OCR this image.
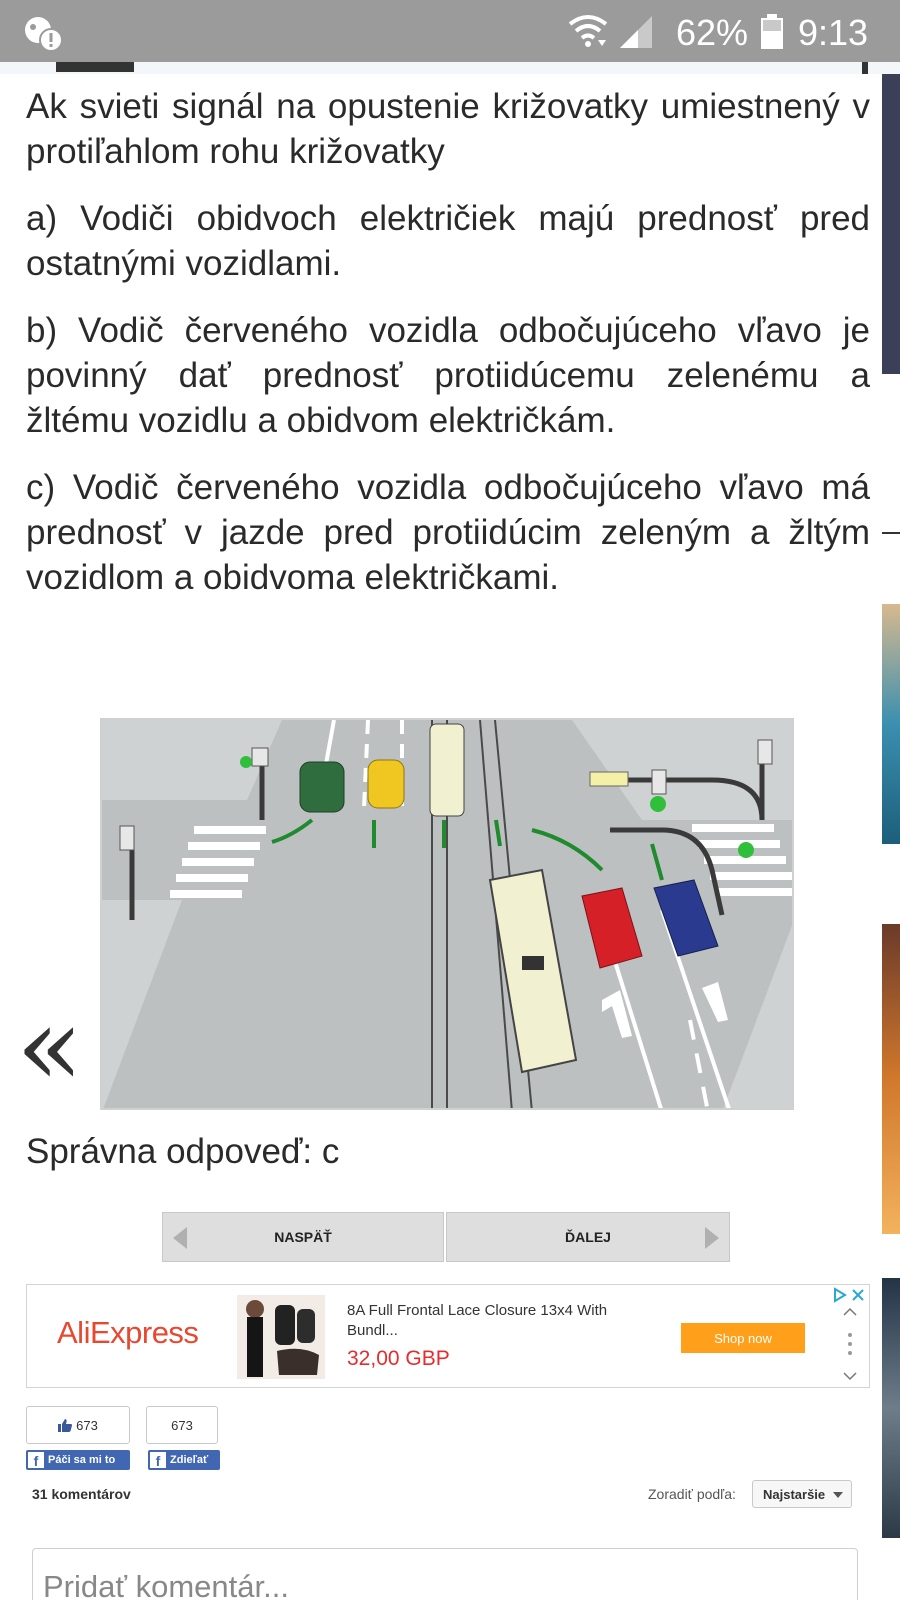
62% 9:13

Ak svieti signál na opustenie križovatky umiestnený v protiľahlom rohu križovatky

a) Vodiči obidvoch električiek majú prednosť pred ostatnými vozidlami.

b) Vodič červeného vozidla odbočujúceho vľavo je povinný dať prednosť protiidúcemu zelenému a žltému vozidlu a obidvom električkám.

c) Vodič červeného vozidla odbočujúceho vľavo má prednosť v jazde pred protiidúcim zeleným a žltým vozidlom a obidvoma električkami.

«
Správna odpoveď: c
NASPÄŤ	ĎALEJ
AliExpress
8A Full Frontal Lace Closure 13x4 With Bundl...
32,00 GBP
Shop now
673	673
f Páči sa mi to	f Zdieľať
31 komentárov	Zoradiť podľa: Najstaršie
Pridať komentár...
